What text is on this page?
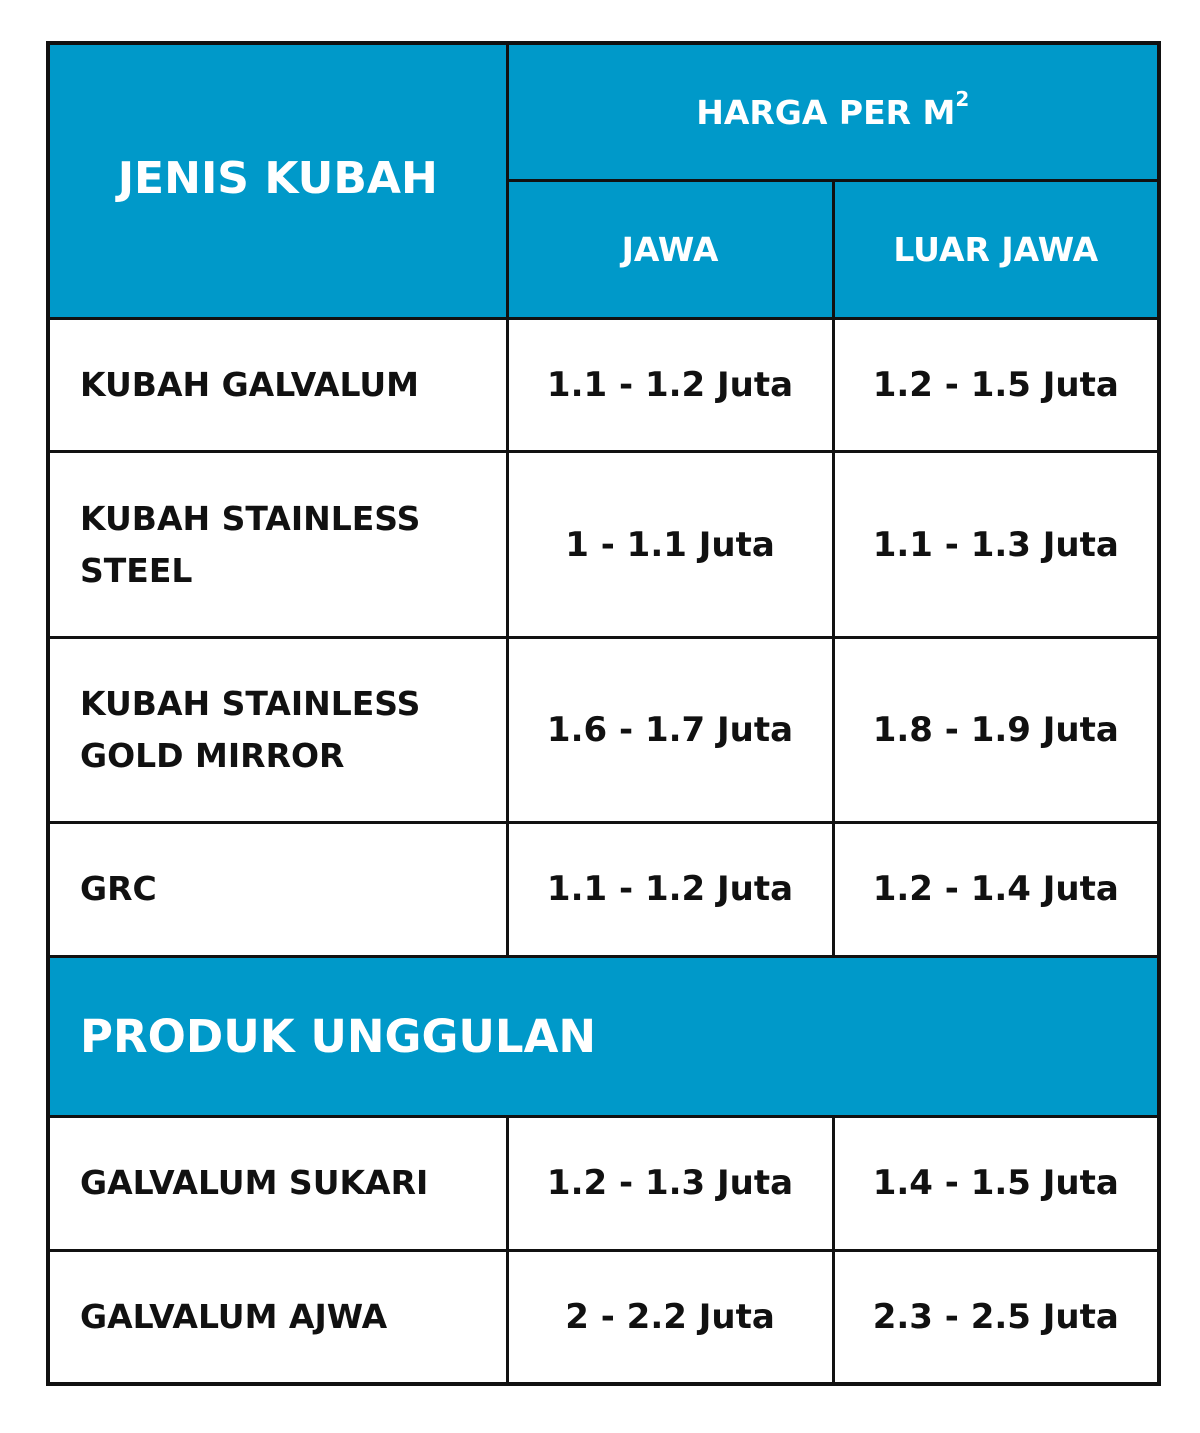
JENIS KUBAH	HARGA PER $M^2$
	JAWA	LUAR JAWA
KUBAH GALVALUM	1.1 - 1.2 Juta	1.2 - 1.5 Juta

KUBAH STAINLESS
STEEL	1 - 1.1 Juta	1.1 - 1.3 Juta

KUBAH STAINLESS
GOLD MIRROR	1.6 - 1.7 Juta	1.8 - 1.9 Juta
GRC	1.1 - 1.2 Juta	1.2 - 1.4 Juta
PRODUK UNGGULAN		
GALVALUM SUKARI	1.2 - 1.3 Juta	1.4 - 1.5 Juta
GALVALUM AJWA	2 - 2.2 Juta	2.3 - 2.5 Juta
